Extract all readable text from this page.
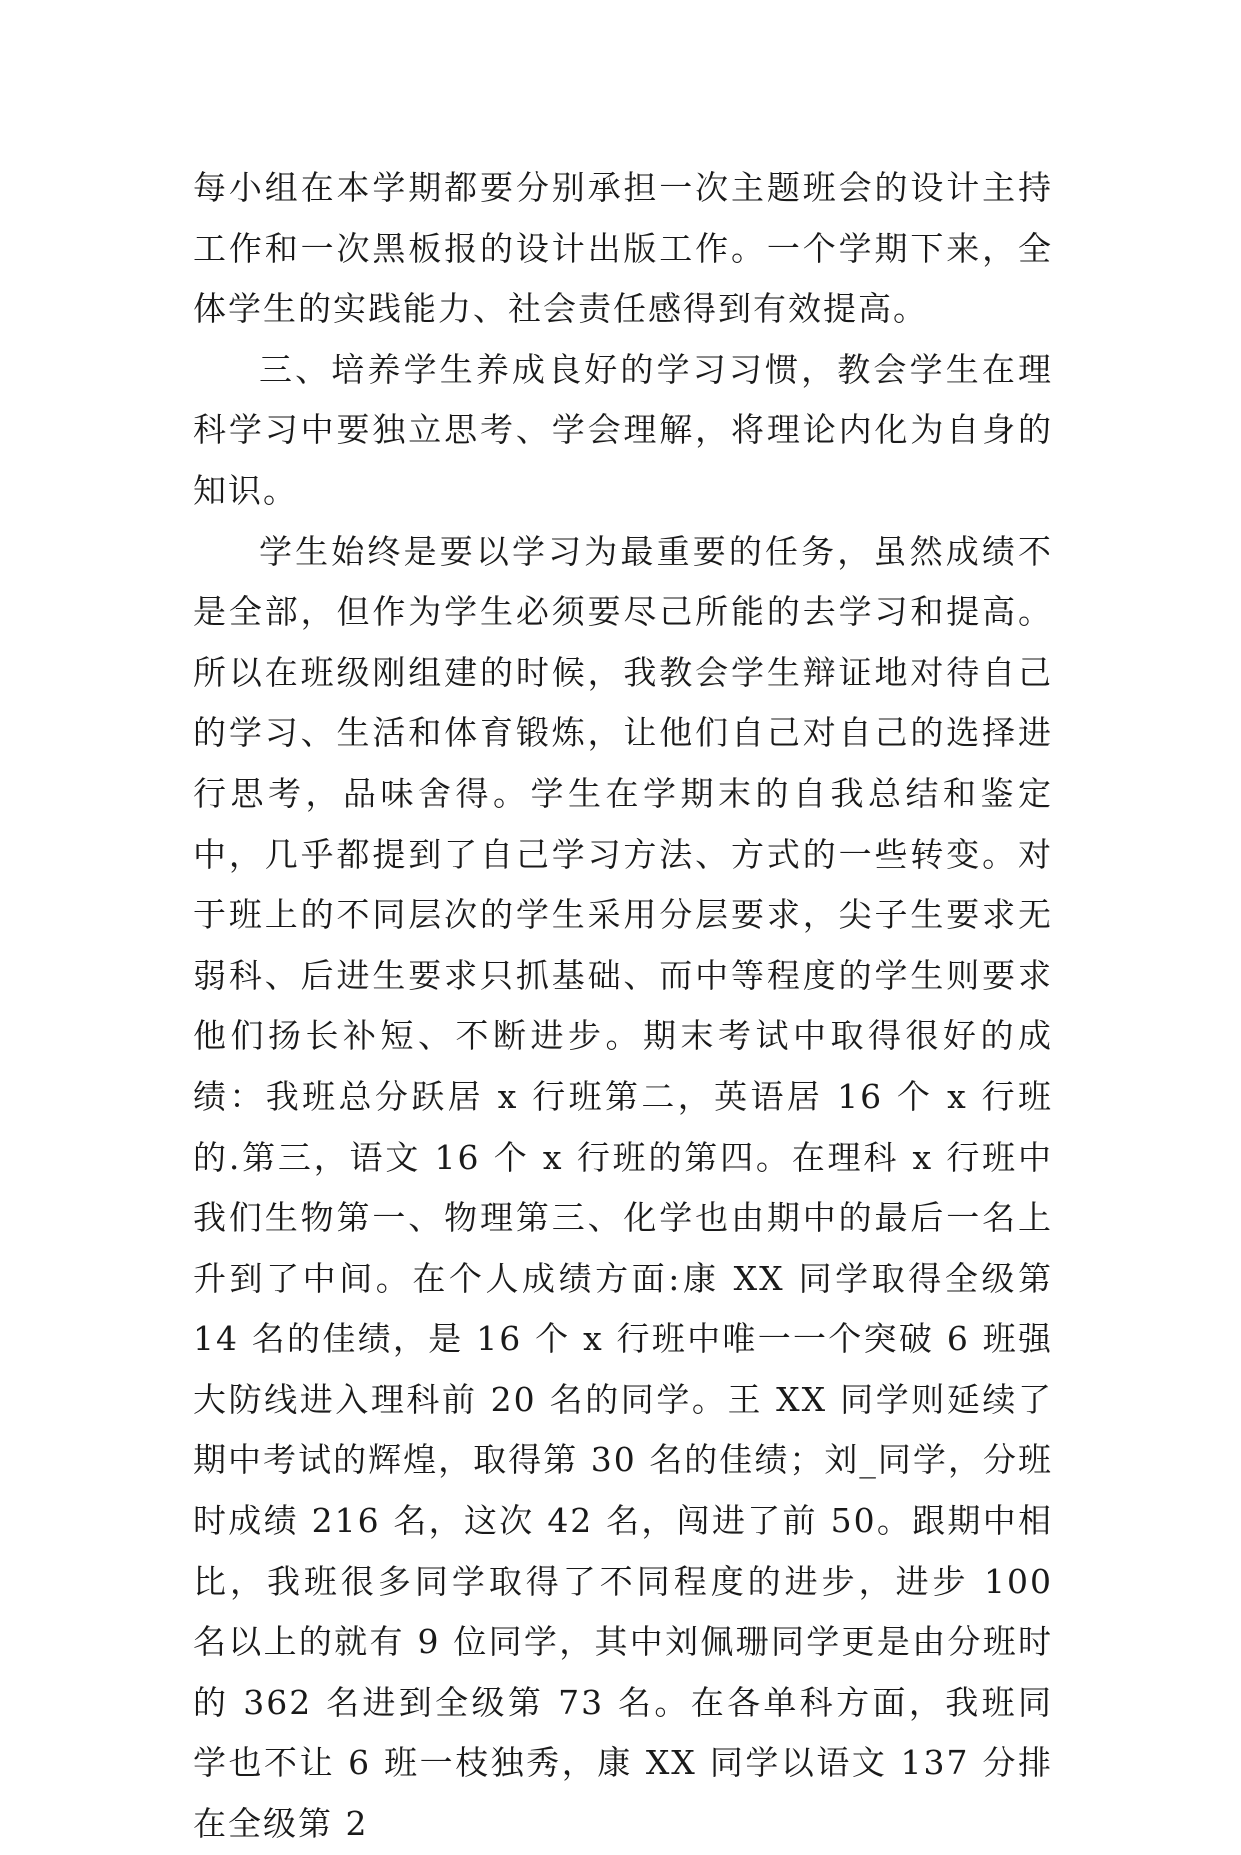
每小组在本学期都要分别承担一次主题班会的设计主持工作和一次黑板报的设计出版工作。一个学期下来，全体学生的实践能力、社会责任感得到有效提高。

三、培养学生养成良好的学习习惯，教会学生在理科学习中要独立思考、学会理解，将理论内化为自身的知识。

学生始终是要以学习为最重要的任务，虽然成绩不是全部，但作为学生必须要尽己所能的去学习和提高。所以在班级刚组建的时候，我教会学生辩证地对待自己的学习、生活和体育锻炼，让他们自己对自己的选择进行思考，品味舍得。学生在学期末的自我总结和鉴定中，几乎都提到了自己学习方法、方式的一些转变。对于班上的不同层次的学生采用分层要求，尖子生要求无弱科、后进生要求只抓基础、而中等程度的学生则要求他们扬长补短、不断进步。期末考试中取得很好的成绩：我班总分跃居 x 行班第二，英语居 16 个 x 行班的.第三，语文 16 个 x 行班的第四。在理科 x 行班中我们生物第一、物理第三、化学也由期中的最后一名上升到了中间。在个人成绩方面:康 XX 同学取得全级第 14 名的佳绩，是 16 个 x 行班中唯一一个突破 6 班强大防线进入理科前 20 名的同学。王 XX 同学则延续了期中考试的辉煌，取得第 30 名的佳绩；刘_同学，分班时成绩 216 名，这次 42 名，闯进了前 50。跟期中相比，我班很多同学取得了不同程度的进步，进步 100 名以上的就有 9 位同学，其中刘佩珊同学更是由分班时的 362 名进到全级第 73 名。在各单科方面，我班同学也不让 6 班一枝独秀，康 XX 同学以语文 137 分排在全级第 2
